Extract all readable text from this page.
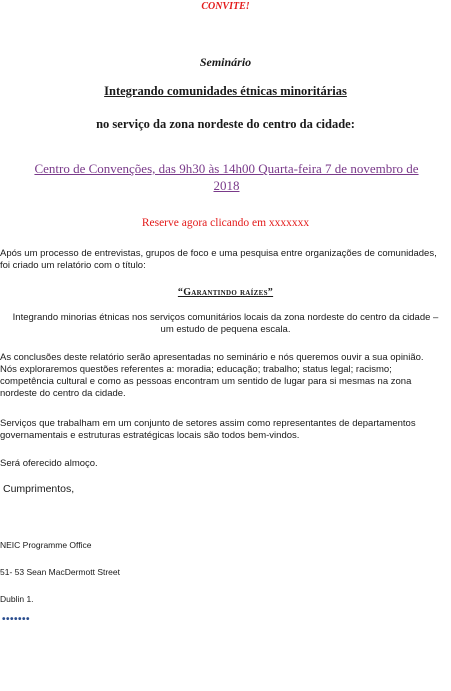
CONVITE!
Seminário
Integrando comunidades étnicas minoritárias
no serviço da zona nordeste do centro da cidade:
Centro de Convenções, das 9h30 às 14h00 Quarta-feira 7 de novembro de
2018
Reserve agora clicando em xxxxxxx
Após um processo de entrevistas, grupos de foco e uma pesquisa entre organizações de comunidades,
foi criado um relatório com o título:
“Garantindo raízes”
Integrando minorias étnicas nos serviços comunitários locais da zona nordeste do centro da cidade –
um estudo de pequena escala.
As conclusões deste relatório serão apresentadas no seminário e nós queremos ouvir a sua opinião.
Nós exploraremos questões referentes a: moradia; educação; trabalho; status legal; racismo;
competência cultural e como as pessoas encontram um sentido de lugar para si mesmas na zona
nordeste do centro da cidade.
Serviços que trabalham em um conjunto de setores assim como representantes de departamentos
governamentais e estruturas estratégicas locais são todos bem-vindos.
Será oferecido almoço.
Cumprimentos,
NEIC Programme Office
51- 53 Sean MacDermott Street
Dublin 1.
•••••••
